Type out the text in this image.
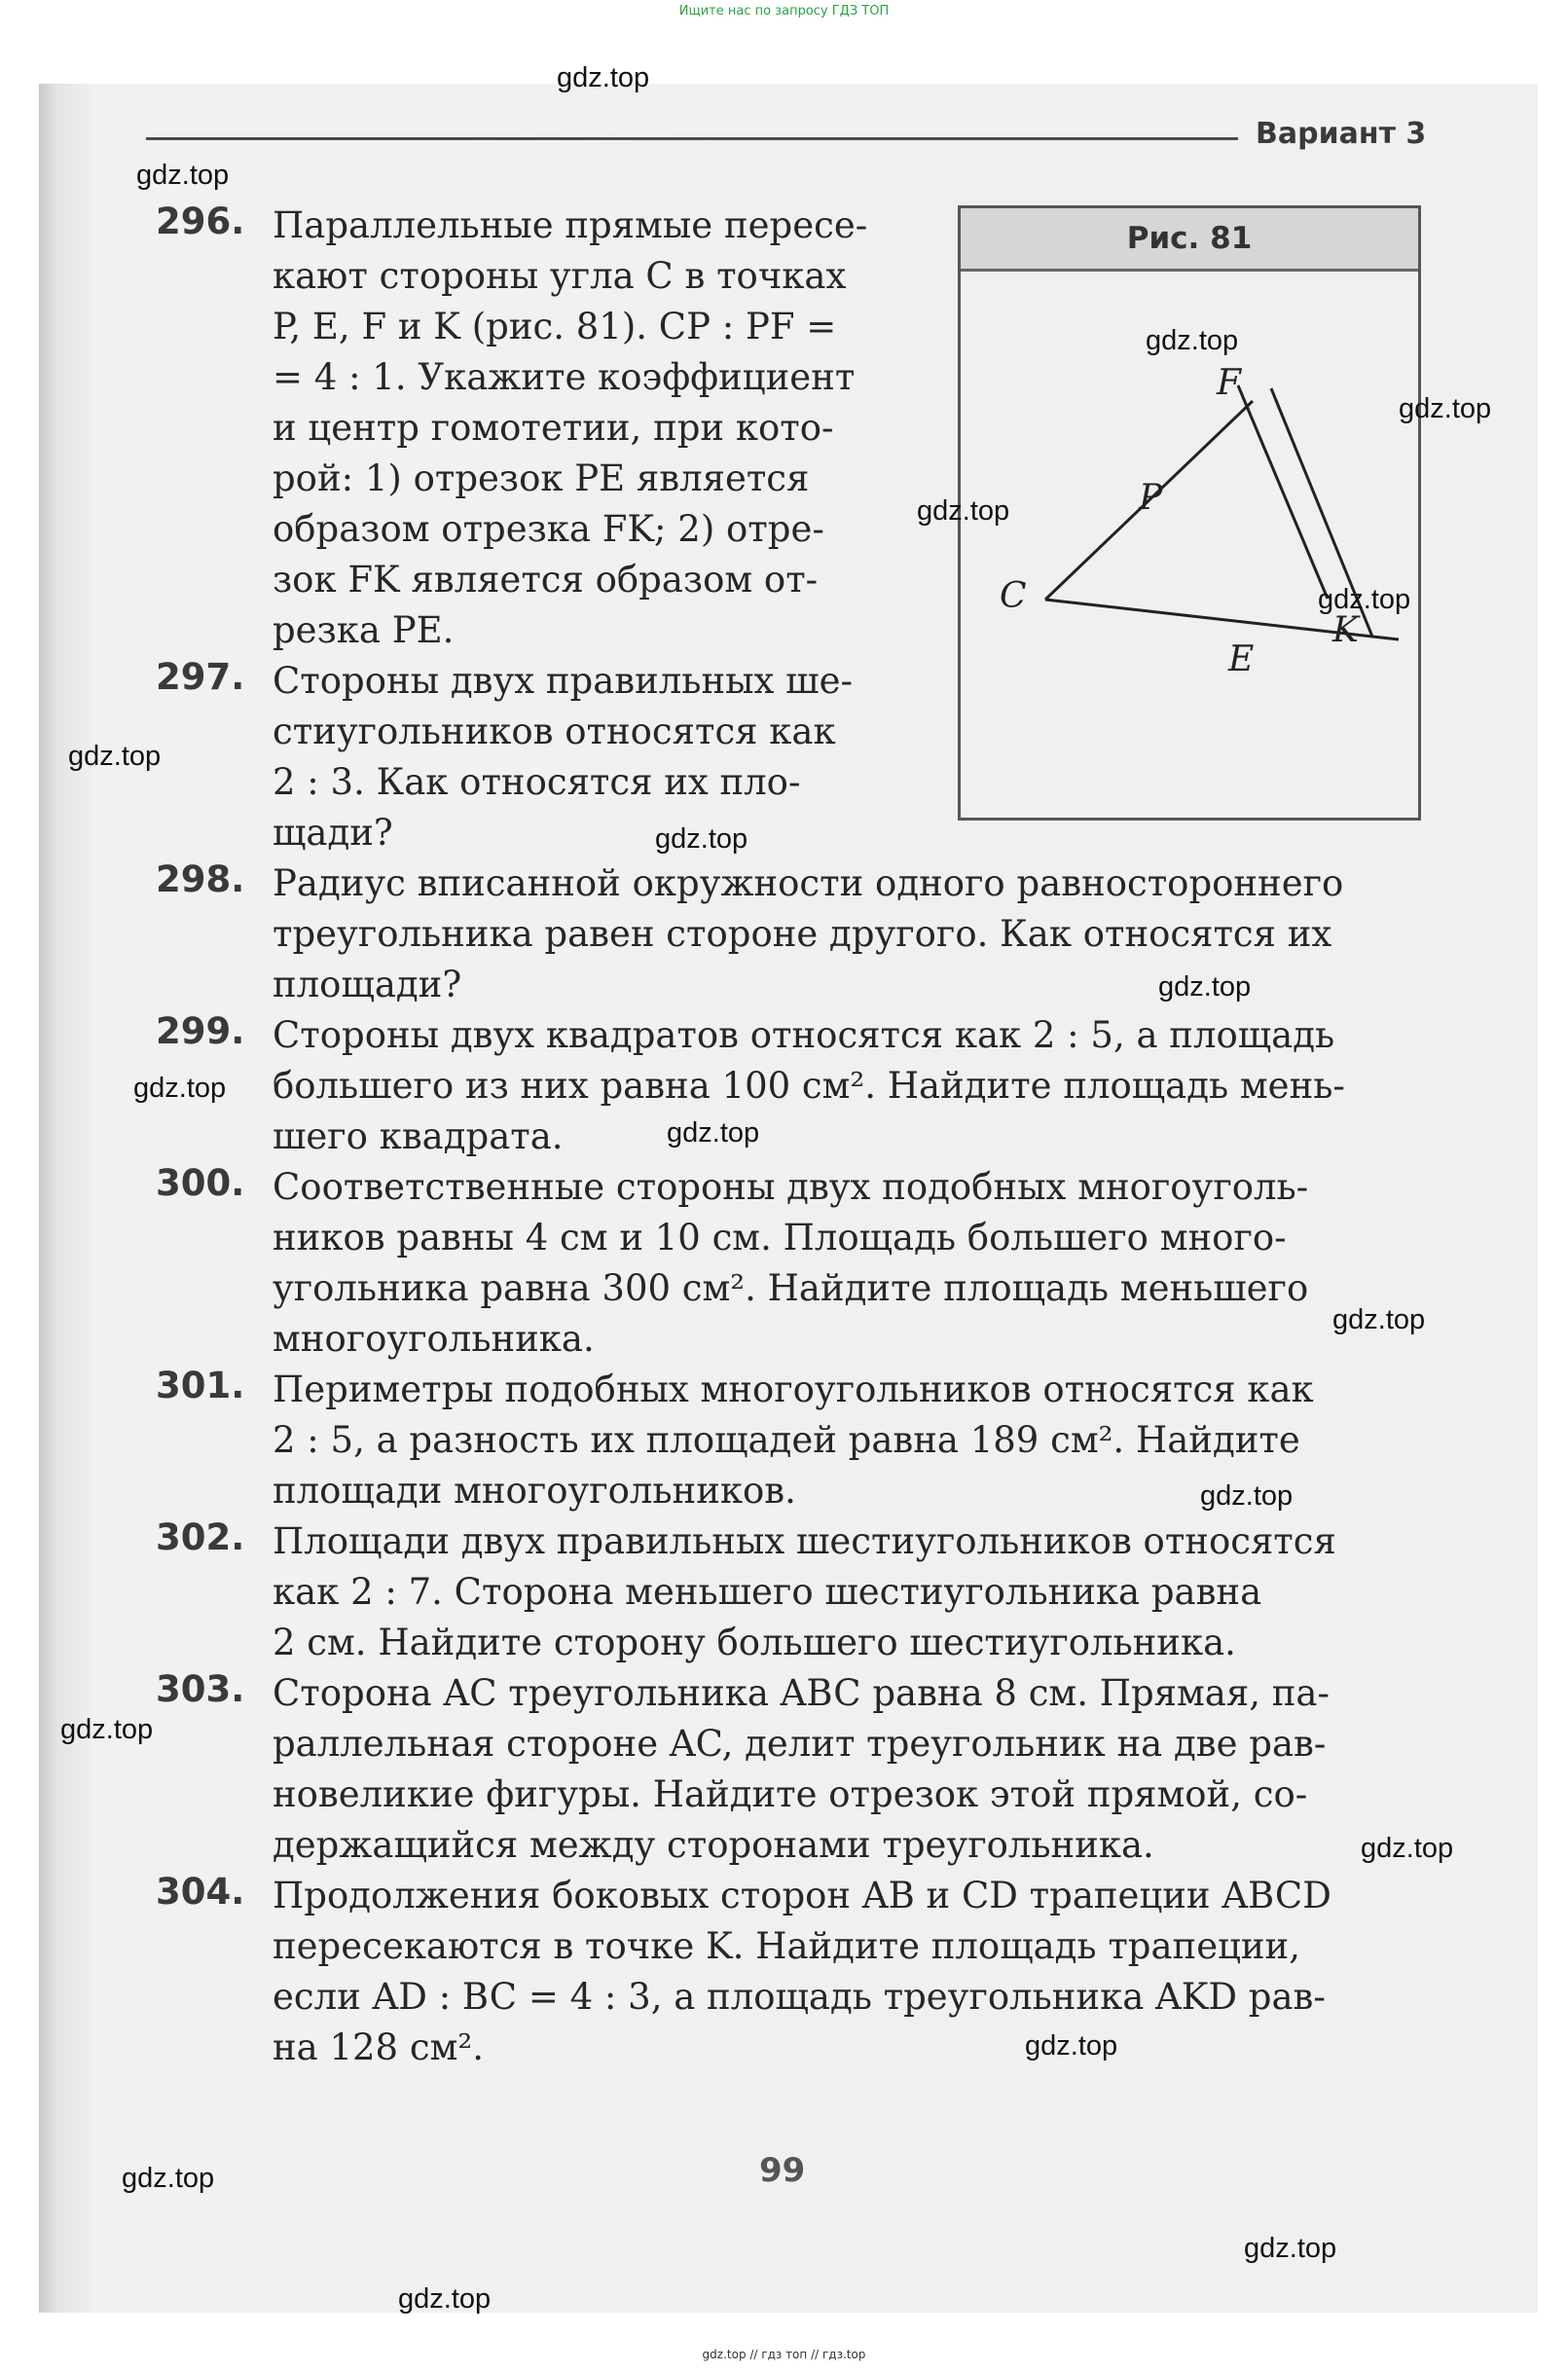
Ищите нас по запросу ГДЗ ТОП
Вариант 3
Рис. 81
C
P
E
F
K
296. Параллельные прямые пересе-
кают стороны угла C в точках
P, E, F и K (рис. 81). CP : PF =
= 4 : 1. Укажите коэффициент
и центр гомотетии, при кото-
рой: 1) отрезок PE является
образом отрезка FK; 2) отре-
зок FK является образом от-
резка PE.
297. Стороны двух правильных ше-
стиугольников относятся как
2 : 3. Как относятся их пло-
щади?
298. Радиус вписанной окружности одного равностороннего
треугольника равен стороне другого. Как относятся их
площади?
299. Стороны двух квадратов относятся как 2 : 5, а площадь
большего из них равна 100 см². Найдите площадь мень-
шего квадрата.
300. Соответственные стороны двух подобных многоуголь-
ников равны 4 см и 10 см. Площадь большего много-
угольника равна 300 см². Найдите площадь меньшего
многоугольника.
301. Периметры подобных многоугольников относятся как
2 : 5, а разность их площадей равна 189 см². Найдите
площади многоугольников.
302. Площади двух правильных шестиугольников относятся
как 2 : 7. Сторона меньшего шестиугольника равна
2 см. Найдите сторону большего шестиугольника.
303. Сторона AC треугольника ABC равна 8 см. Прямая, па-
раллельная стороне AC, делит треугольник на две рав-
новеликие фигуры. Найдите отрезок этой прямой, со-
держащийся между сторонами треугольника.
304. Продолжения боковых сторон AB и CD трапеции ABCD
пересекаются в точке K. Найдите площадь трапеции,
если AD : BC = 4 : 3, а площадь треугольника AKD рав-
на 128 см².
99
gdz.top
gdz.top
gdz.top
gdz.top
gdz.top
gdz.top
gdz.top
gdz.top
gdz.top
gdz.top
gdz.top
gdz.top
gdz.top
gdz.top
gdz.top
gdz.top
gdz.top
gdz.top
gdz.top
gdz.top // гдз топ // гдз.top
